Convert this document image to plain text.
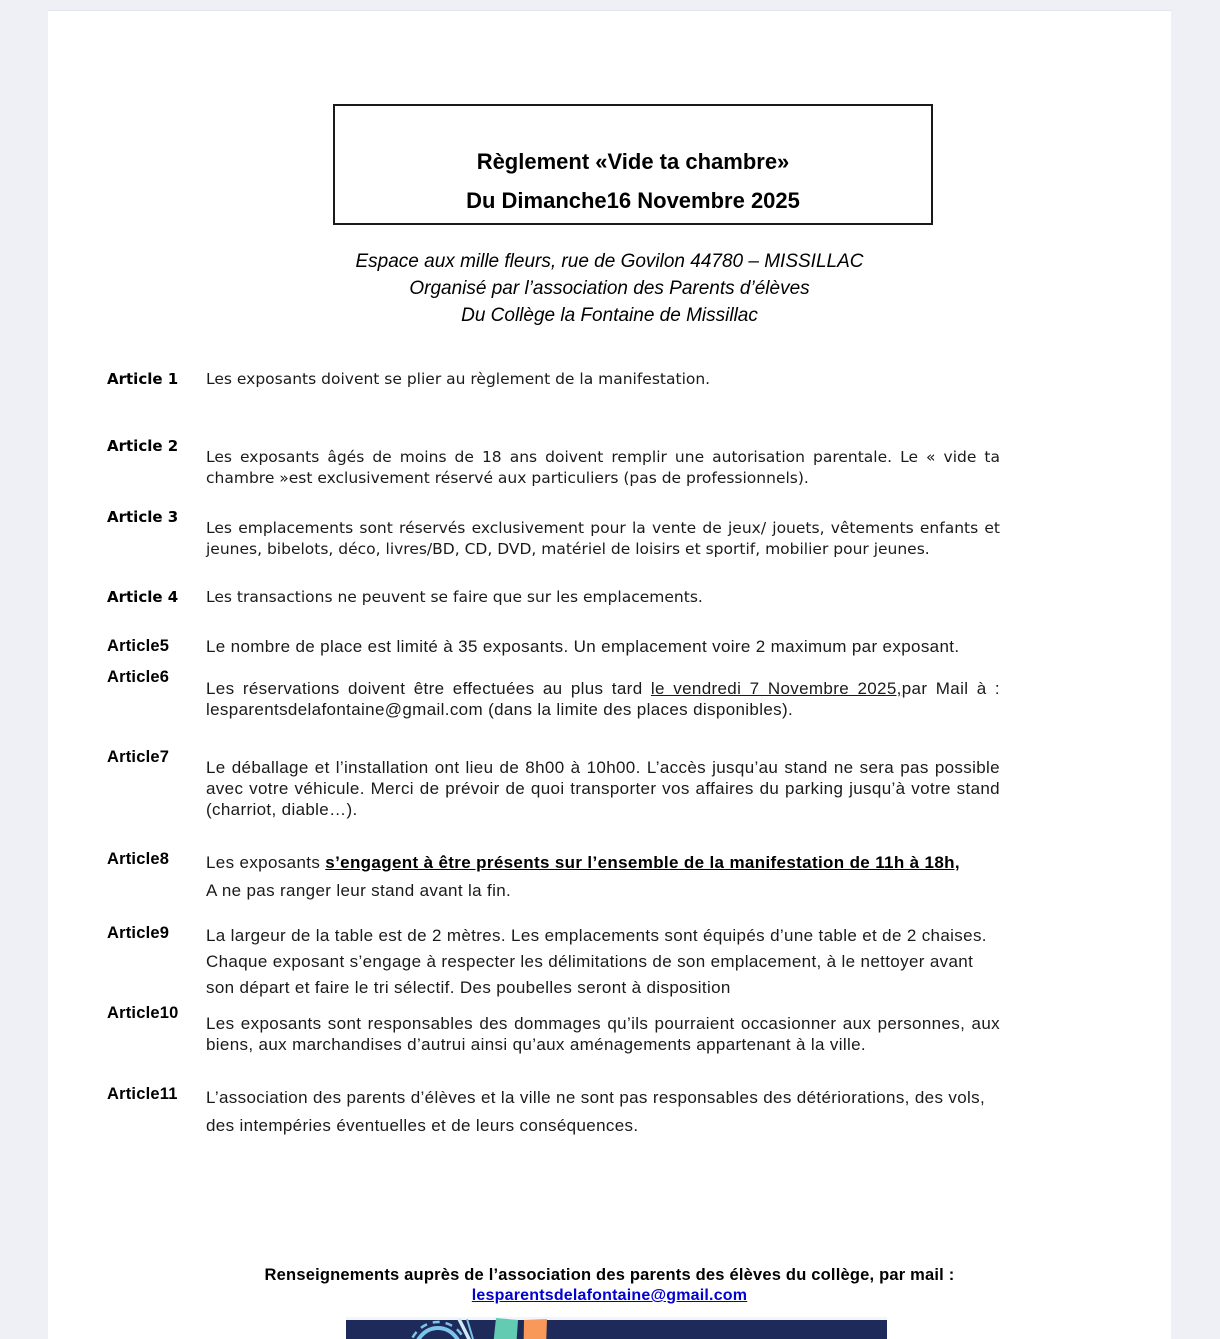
Règlement «Vide ta chambre»
Du Dimanche16 Novembre 2025
Espace aux mille fleurs, rue de Govilon 44780 – MISSILLAC
Organisé par l’association des Parents d’élèves
Du Collège la Fontaine de Missillac
Article 1	Les exposants doivent se plier au règlement de la manifestation.
Article 2
Les exposants âgés de moins de 18 ans doivent remplir une autorisation parentale. Le « vide ta chambre »est exclusivement réservé aux particuliers (pas de professionnels).
Article 3
Les emplacements sont réservés exclusivement pour la vente de jeux/ jouets, vêtements enfants et jeunes, bibelots, déco, livres/BD, CD, DVD, matériel de loisirs et sportif, mobilier pour jeunes.
Article 4	Les transactions ne peuvent se faire que sur les emplacements.
Article5	Le nombre de place est limité à 35 exposants. Un emplacement voire 2 maximum par exposant.
Article6
Les réservations doivent être effectuées au plus tard le vendredi 7 Novembre 2025,par Mail à : lesparentsdelafontaine@gmail.com (dans la limite des places disponibles).
Article7
Le déballage et l’installation ont lieu de 8h00 à 10h00. L’accès jusqu’au stand ne sera pas possible avec votre véhicule. Merci de prévoir de quoi transporter vos affaires du parking jusqu’à votre stand (charriot, diable…).
Article8	Les exposants s’engagent à être présents sur l’ensemble de la manifestation de 11h à 18h,
A ne pas ranger leur stand avant la fin.
Article9	La largeur de la table est de 2 mètres. Les emplacements sont équipés d’une table et de 2 chaises. Chaque exposant s’engage à respecter les délimitations de son emplacement, à le nettoyer avant son départ et faire le tri sélectif. Des poubelles seront à disposition
Article10
Les exposants sont responsables des dommages qu’ils pourraient occasionner aux personnes, aux biens, aux marchandises d’autrui ainsi qu’aux aménagements appartenant à la ville.
Article11	L’association des parents d’élèves et la ville ne sont pas responsables des détériorations, des vols, des intempéries éventuelles et de leurs conséquences.
Renseignements auprès de l’association des parents des élèves du collège, par mail :
lesparentsdelafontaine@gmail.com
